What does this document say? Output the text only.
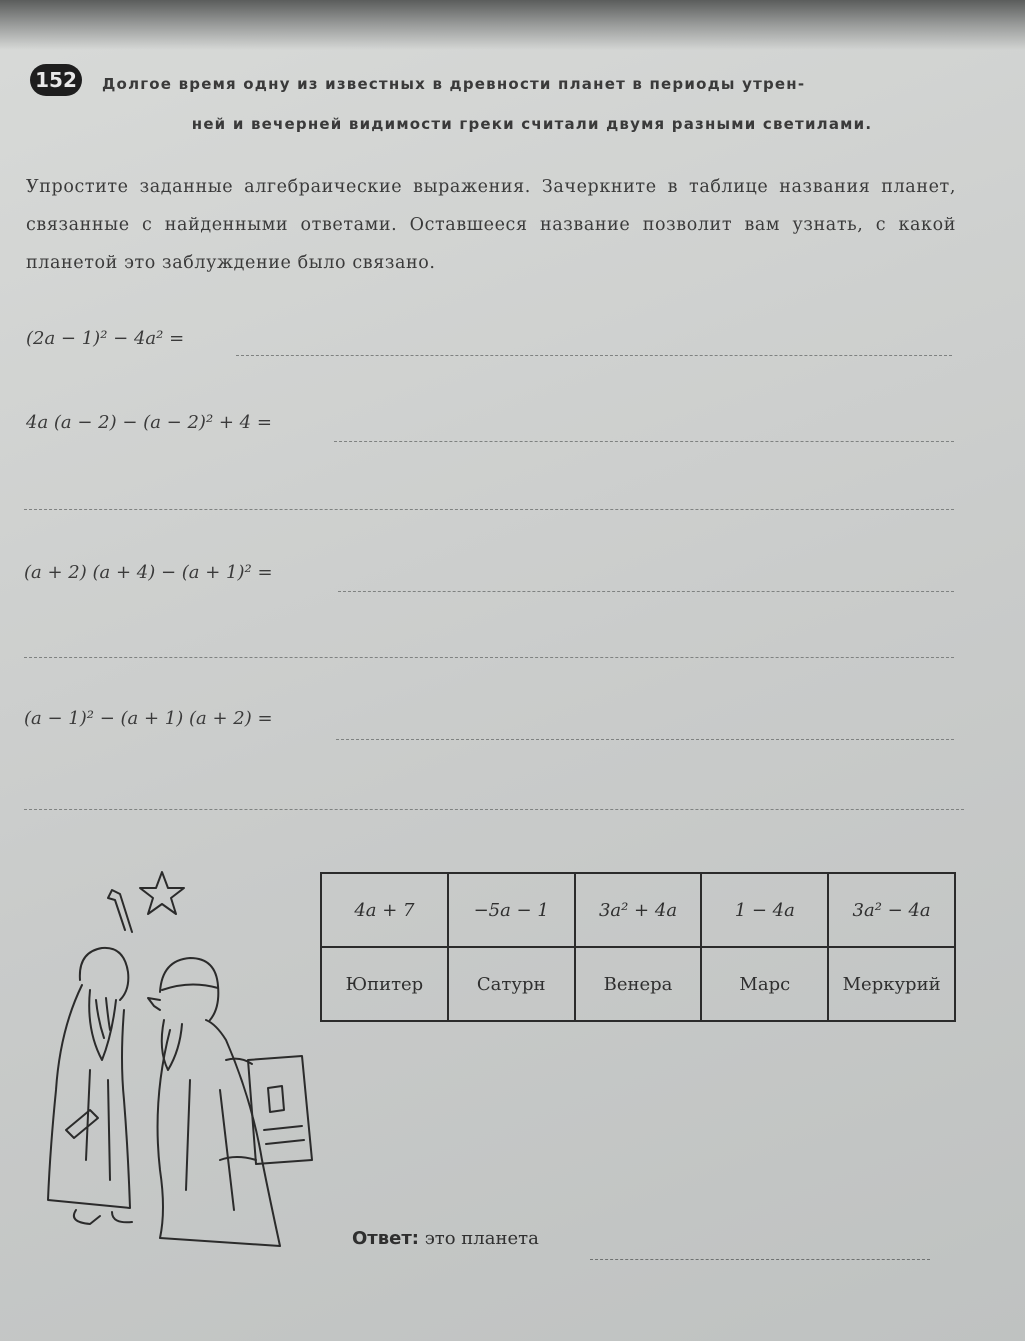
152	Долгое время одну из известных в древности планет в периоды утрен-
ней и вечерней видимости греки считали двумя разными светилами.
Упростите заданные алгебраические выражения. Зачеркните в таблице названия планет, связанные с найденными ответами. Оставшееся название позволит вам узнать, с какой планетой это заблуждение было связано.
(2a − 1)² − 4a² =
4a (a − 2) − (a − 2)² + 4 =
(a + 2) (a + 4) − (a + 1)² =
(a − 1)² − (a + 1) (a + 2) =
4a + 7	−5a − 1	3a² + 4a	1 − 4a	3a² − 4a
Юпитер	Сатурн	Венера	Марс	Меркурий
Ответ: это планета
